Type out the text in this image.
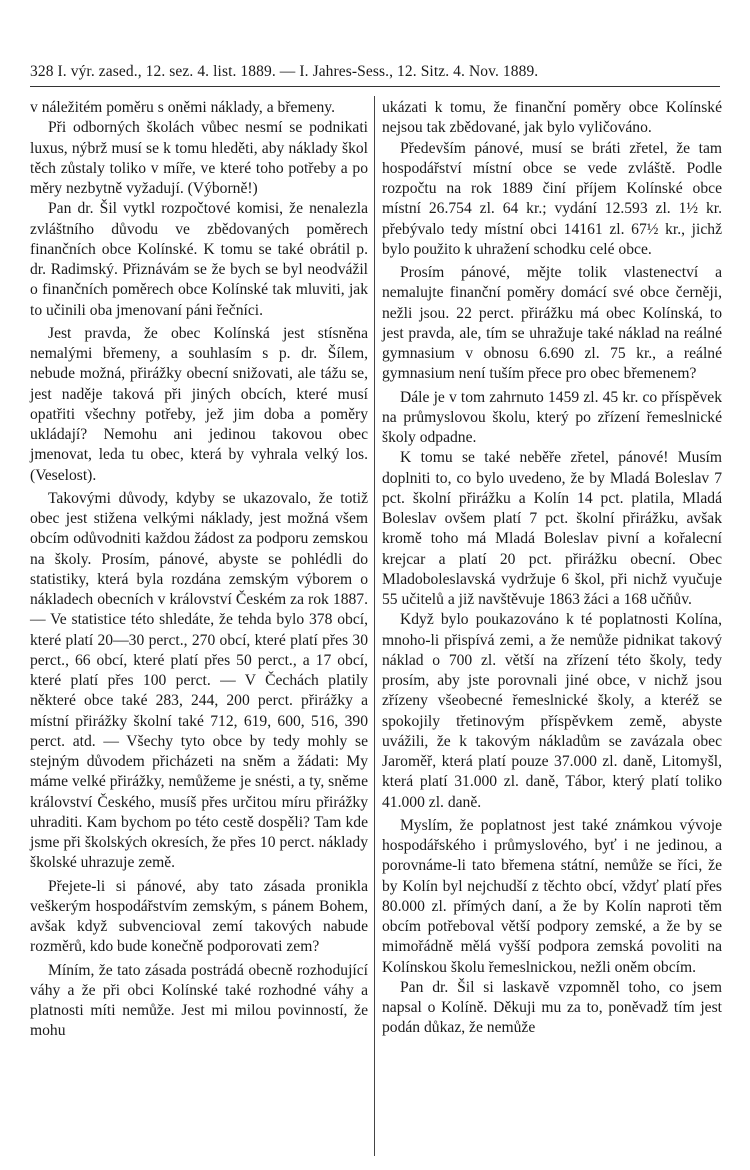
328 I. výr. zased., 12. sez. 4. list. 1889. — I. Jahres-Sess., 12. Sitz. 4. Nov. 1889.

v náležitém poměru s oněmi náklady, a břemeny.

Při odborných školách vůbec nesmí se podnikati luxus, nýbrž musí se k tomu hleděti, aby náklady škol těch zůstaly toliko v míře, ve které toho potřeby a po měry nezbytně vyžadují. (Výborně!)

Pan dr. Šil vytkl rozpočtové komisi, že nenalezla zvláštního důvodu ve zbědovaných poměrech finančních obce Kolínské. K tomu se také obrátil p. dr. Radimský. Přiznávám se že bych se byl neodvážil o finančních poměrech obce Kolínské tak mluviti, jak to učinili oba jmenovaní páni řečníci.

Jest pravda, že obec Kolínská jest stísněna nemalými břemeny, a souhlasím s p. dr. Šílem, nebude možná, přirážky obecní snižovati, ale tážu se, jest naděje taková při jiných obcích, které musí opatřiti všechny potřeby, jež jim doba a poměry ukládají? Nemohu ani jedinou takovou obec jmenovat, leda tu obec, která by vyhrala velký los. (Veselost).

Takovými důvody, kdyby se ukazovalo, že totiž obec jest stižena velkými náklady, jest možná všem obcím odůvodniti každou žádost za podporu zemskou na školy. Prosím, pánové, abyste se pohlédli do statistiky, která byla rozdána zemským výborem o nákladech obecních v království Českém za rok 1887. — Ve statistice této shledáte, že tehda bylo 378 obcí, které platí 20—30 perct., 270 obcí, které platí přes 30 perct., 66 obcí, které platí přes 50 perct., a 17 obcí, které platí přes 100 perct. — V Čechách platily některé obce také 283, 244, 200 perct. přirážky a místní přirážky školní také 712, 619, 600, 516, 390 perct. atd. — Všechy tyto obce by tedy mohly se stejným důvodem přicházeti na sněm a žádati: My máme velké přirážky, nemůžeme je snésti, a ty, sněme království Českého, musíš přes určitou míru přirážky uhraditi. Kam bychom po této cestě dospěli? Tam kde jsme při školských okresích, že přes 10 perct. náklady školské uhrazuje země.

Přejete-li si pánové, aby tato zásada pronikla veškerým hospodářstvím zemským, s pánem Bohem, avšak když subvencioval zemí takových nabude rozměrů, kdo bude konečně podporovati zem?

Míním, že tato zásada postrádá obecně rozhodující váhy a že při obci Kolínské také rozhodné váhy a platnosti míti nemůže. Jest mi milou povinností, že mohu

ukázati k tomu, že finanční poměry obce Kolínské nejsou tak zbědované, jak bylo vyličováno.

Především pánové, musí se bráti zřetel, že tam hospodářství místní obce se vede zvláště. Podle rozpočtu na rok 1889 činí příjem Kolínské obce místní 26.754 zl. 64 kr.; vydání 12.593 zl. 1½ kr. přebývalo tedy místní obci 14161 zl. 67½ kr., jichž bylo použito k uhražení schodku celé obce.

Prosím pánové, mějte tolik vlastenectví a nemalujte finanční poměry domácí své obce černěji, nežli jsou. 22 perct. přirážku má obec Kolínská, to jest pravda, ale, tím se uhražuje také náklad na reálné gymnasium v obnosu 6.690 zl. 75 kr., a reálné gymnasium není tuším přece pro obec břemenem?

Dále je v tom zahrnuto 1459 zl. 45 kr. co příspěvek na průmyslovou školu, který po zřízení řemeslnické školy odpadne.

K tomu se také neběře zřetel, pánové! Musím doplniti to, co bylo uvedeno, že by Mladá Boleslav 7 pct. školní přirážku a Kolín 14 pct. platila, Mladá Boleslav ovšem platí 7 pct. školní přirážku, avšak kromě toho má Mladá Boleslav pivní a kořalecní krejcar a platí 20 pct. přirážku obecní. Obec Mladoboleslavská vydržuje 6 škol, při nichž vyučuje 55 učitelů a již navštěvuje 1863 žáci a 168 učňův.

Když bylo poukazováno k té poplatnosti Kolína, mnoho-li přispívá zemi, a že nemůže pidnikat takový náklad o 700 zl. větší na zřízení této školy, tedy prosím, aby jste porovnali jiné obce, v nichž jsou zřízeny všeobecné řemeslnické školy, a kteréž se spokojily třetinovým příspěvkem země, abyste uvážili, že k takovým nákladům se zavázala obec Jaroměř, která platí pouze 37.000 zl. daně, Litomyšl, která platí 31.000 zl. daně, Tábor, který platí toliko 41.000 zl. daně.

Myslím, že poplatnost jest také známkou vývoje hospodářského i průmyslového, byť i ne jedinou, a porovnáme-li tato břemena státní, nemůže se říci, že by Kolín byl nejchudší z těchto obcí, vždyť platí přes 80.000 zl. přímých daní, a že by Kolín naproti těm obcím potřeboval větší podpory zemské, a že by se mimořádně mělá vyšší podpora zemská povoliti na Kolínskou školu řemeslnickou, nežli oněm obcím.

Pan dr. Šil si laskavě vzpomněl toho, co jsem napsal o Kolíně. Děkuji mu za to, poněvadž tím jest podán důkaz, že nemůže
